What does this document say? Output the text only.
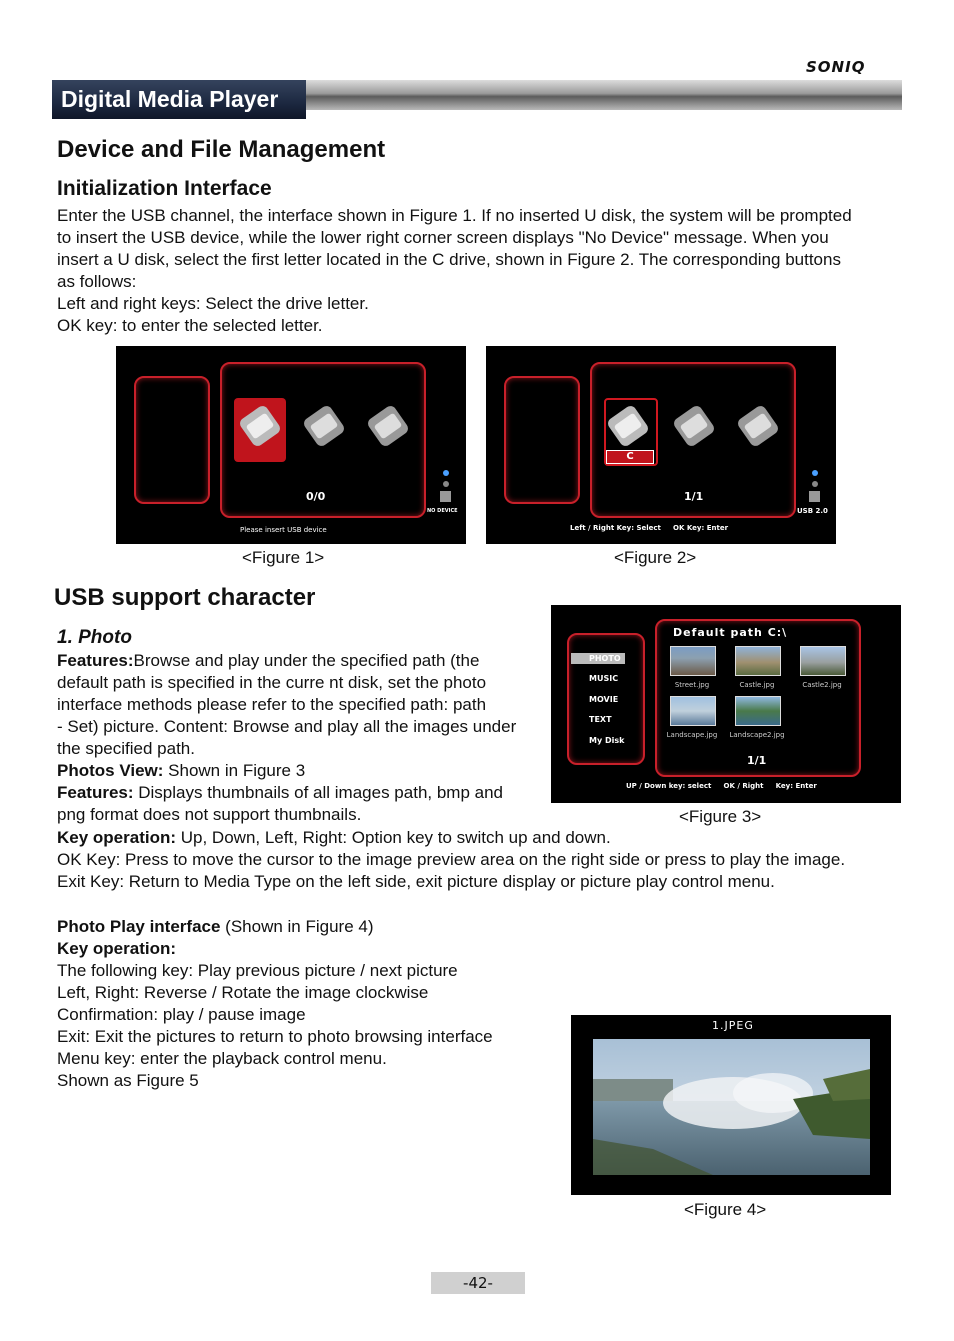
SONIQ
Digital Media Player
Device and File Management
Initialization Interface
Enter the USB channel, the interface shown in Figure 1. If no inserted U disk, the system will be prompted
to insert the USB device, while the lower right corner screen displays "No Device" message. When you
insert a U disk, select the first letter located in the C drive, shown in Figure 2. The corresponding buttons
as follows:
Left and right keys: Select the drive letter.
OK key: to enter the selected letter.
0/0
NO DEVICE
Please insert USB device
<Figure 1>
C
1/1
USB 2.0
Left / Right Key: Select     OK Key: Enter
<Figure 2>
USB support character
1. Photo
Features:Browse and play under the specified path (the
default path is specified in the curre nt disk, set the photo
interface methods please refer to the specified path: path
- Set) picture. Content: Browse and play all the images under
the specified path.
Photos View: Shown in Figure 3
Features: Displays thumbnails of all images path, bmp and
png format does not support thumbnails.
Key operation: Up, Down, Left, Right: Option key to switch up and down.
OK Key: Press to move the cursor to the image preview area on the right side or press to play the image.
Exit Key: Return to Media Type on the left side, exit picture display or picture play control menu.
Photo Play interface (Shown in Figure 4)
Key operation:
The following key: Play previous picture / next picture
Left, Right: Reverse / Rotate the image clockwise
Confirmation: play / pause image
Exit: Exit the pictures to return to photo browsing interface
Menu key: enter the playback control menu.
Shown as Figure 5
PHOTO
MUSIC
MOVIE
TEXT
My Disk
Default path C:\
Street.jpg	Castle.jpg	Castle2.jpg
Landscape.jpg	Landscape2.jpg
1/1
UP / Down key: select     OK / Right     Key: Enter
<Figure 3>
1.JPEG
<Figure 4>
-42-
